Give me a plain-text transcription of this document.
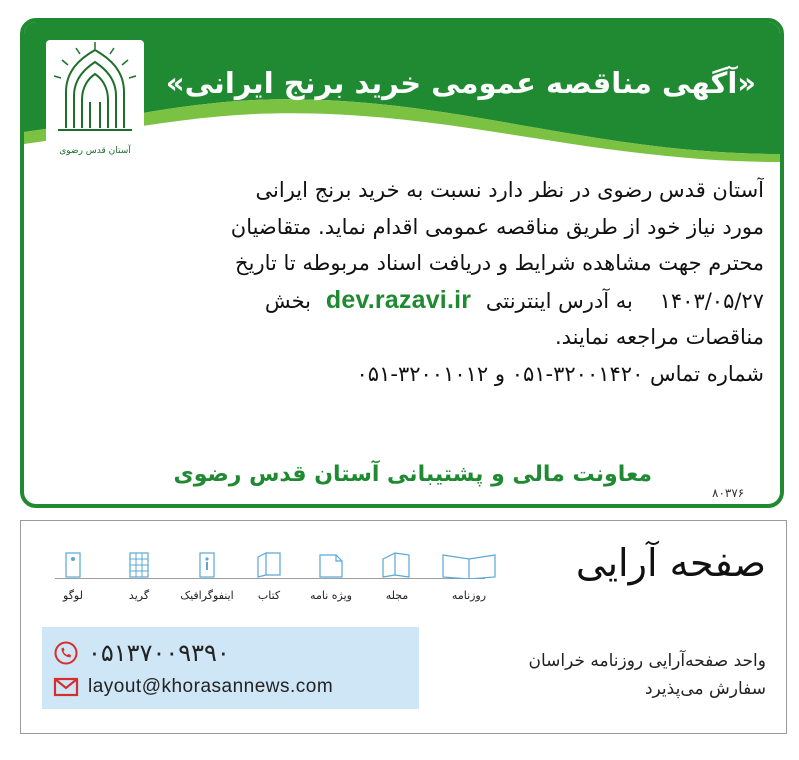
آستان قدس رضوی
«آگهی مناقصه عمومی خرید برنج ایرانی»
آستان قدس رضوی در نظر دارد نسبت به خرید برنج ایرانی
مورد نیاز خود از طریق مناقصه عمومی اقدام نماید. متقاضیان
محترم جهت مشاهده شرایط و دریافت اسناد مربوطه تا تاریخ
۱۴۰۳/۰۵/۲۷    به آدرس اینترنتی dev.razavi.ir بخش
مناقصات مراجعه نمایند.
شماره تماس ۳۲۰۰۱۴۲۰-۰۵۱ و ۳۲۰۰۱۰۱۲-۰۵۱
معاونت مالی و پشتیبانی آستان قدس رضوی
۸۰۳۷۶
صفحه آرایی
واحد صفحه‌آرایی روزنامه خراسان
سفارش می‌پذیرد
لوگو	گرید	اینفوگرافیک	کتاب	ویژه نامه	مجله	روزنامه
۰۵۱۳۷۰۰۹۳۹۰
layout@khorasannews.com
